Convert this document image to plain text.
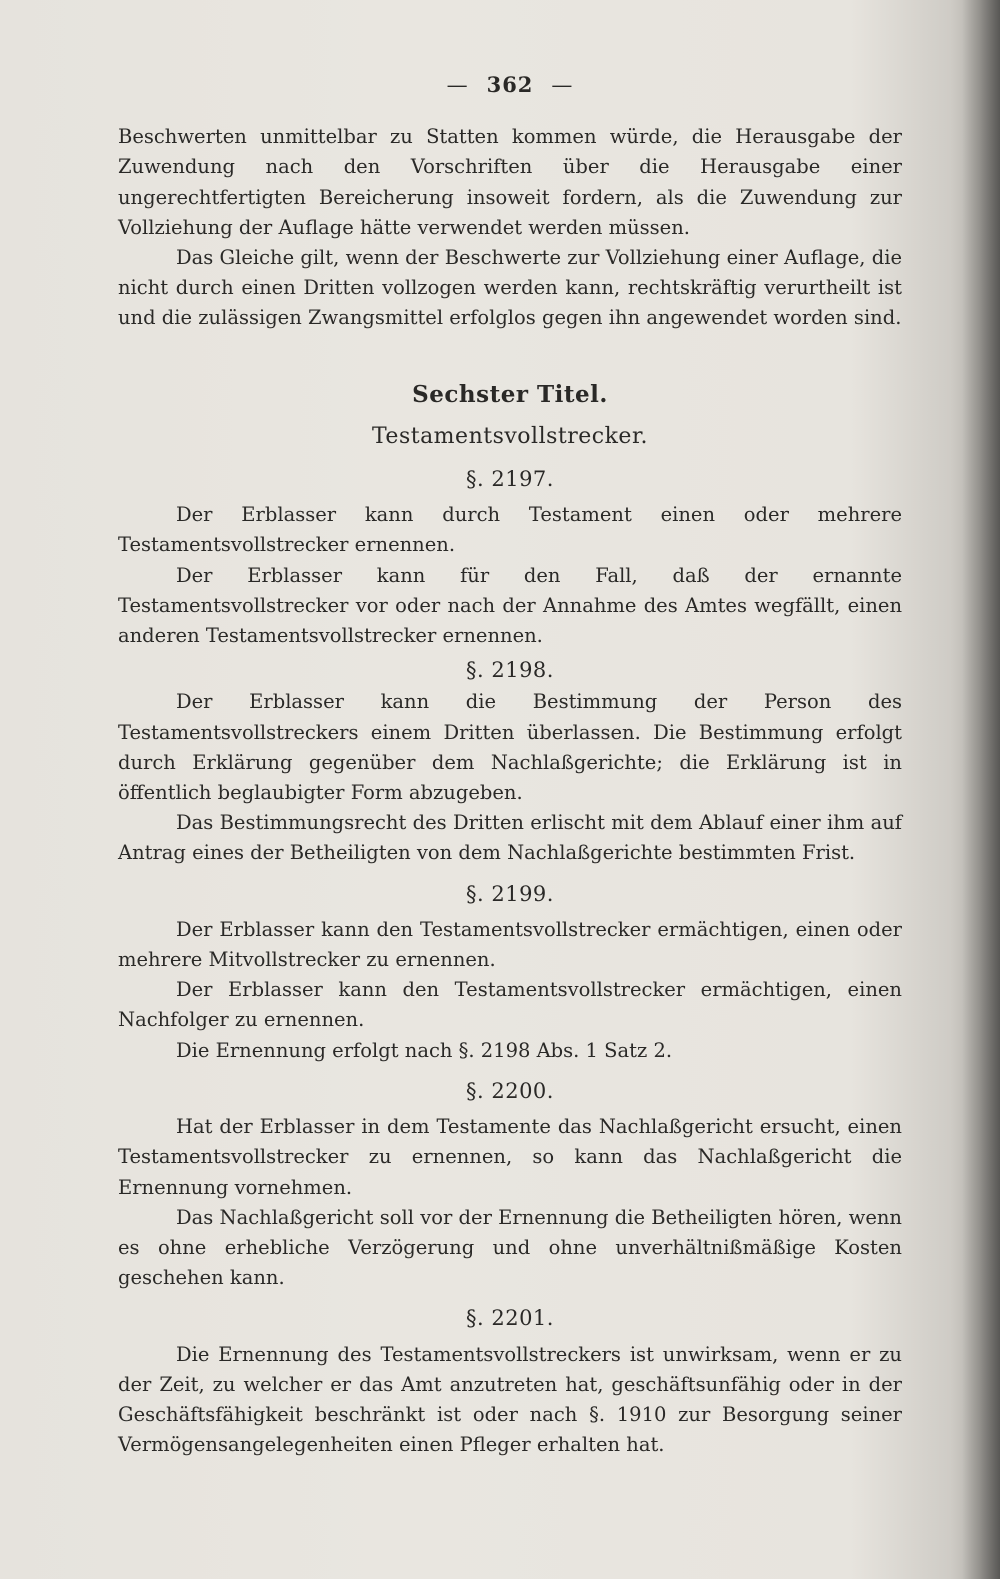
— 362 —

Beschwerten unmittelbar zu Statten kommen würde, die Herausgabe der Zuwendung nach den Vorschriften über die Herausgabe einer ungerechtfertigten Bereicherung insoweit fordern, als die Zuwendung zur Vollziehung der Auflage hätte verwendet werden müssen.

Das Gleiche gilt, wenn der Beschwerte zur Vollziehung einer Auflage, die nicht durch einen Dritten vollzogen werden kann, rechtskräftig verurtheilt ist und die zulässigen Zwangsmittel erfolglos gegen ihn angewendet worden sind.

Sechster Titel.
Testamentsvollstrecker.
§. 2197.

Der Erblasser kann durch Testament einen oder mehrere Testamentsvollstrecker ernennen.

Der Erblasser kann für den Fall, daß der ernannte Testamentsvollstrecker vor oder nach der Annahme des Amtes wegfällt, einen anderen Testamentsvollstrecker ernennen.

§. 2198.

Der Erblasser kann die Bestimmung der Person des Testamentsvollstreckers einem Dritten überlassen. Die Bestimmung erfolgt durch Erklärung gegenüber dem Nachlaßgerichte; die Erklärung ist in öffentlich beglaubigter Form abzugeben.

Das Bestimmungsrecht des Dritten erlischt mit dem Ablauf einer ihm auf Antrag eines der Betheiligten von dem Nachlaßgerichte bestimmten Frist.

§. 2199.

Der Erblasser kann den Testamentsvollstrecker ermächtigen, einen oder mehrere Mitvollstrecker zu ernennen.

Der Erblasser kann den Testamentsvollstrecker ermächtigen, einen Nachfolger zu ernennen.

Die Ernennung erfolgt nach §. 2198 Abs. 1 Satz 2.

§. 2200.

Hat der Erblasser in dem Testamente das Nachlaßgericht ersucht, einen Testamentsvollstrecker zu ernennen, so kann das Nachlaßgericht die Ernennung vornehmen.

Das Nachlaßgericht soll vor der Ernennung die Betheiligten hören, wenn es ohne erhebliche Verzögerung und ohne unverhältnißmäßige Kosten geschehen kann.

§. 2201.

Die Ernennung des Testamentsvollstreckers ist unwirksam, wenn er zu der Zeit, zu welcher er das Amt anzutreten hat, geschäftsunfähig oder in der Geschäftsfähigkeit beschränkt ist oder nach §. 1910 zur Besorgung seiner Vermögensangelegenheiten einen Pfleger erhalten hat.
